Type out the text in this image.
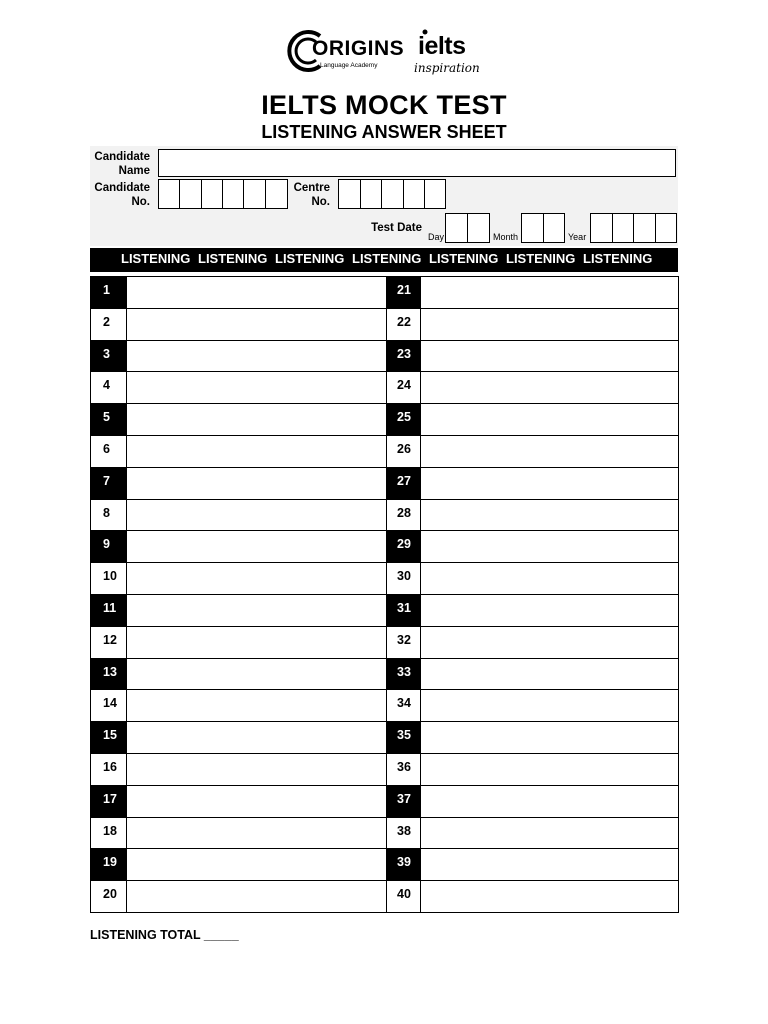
ORIGINS
Language Academy
ielts
inspiration
IELTS MOCK TEST
LISTENING ANSWER SHEET
Candidate
Name
Candidate
No.
Centre
No.
Test Date
Day	Month	Year
LISTENING LISTENING LISTENING LISTENING LISTENING LISTENING LISTENING
1
2
3
4
5
6
7
8
9
10
11
12
13
14
15
16
17
18
19
20
21
22
23
24
25
26
27
28
29
30
31
32
33
34
35
36
37
38
39
40
LISTENING TOTAL _____
